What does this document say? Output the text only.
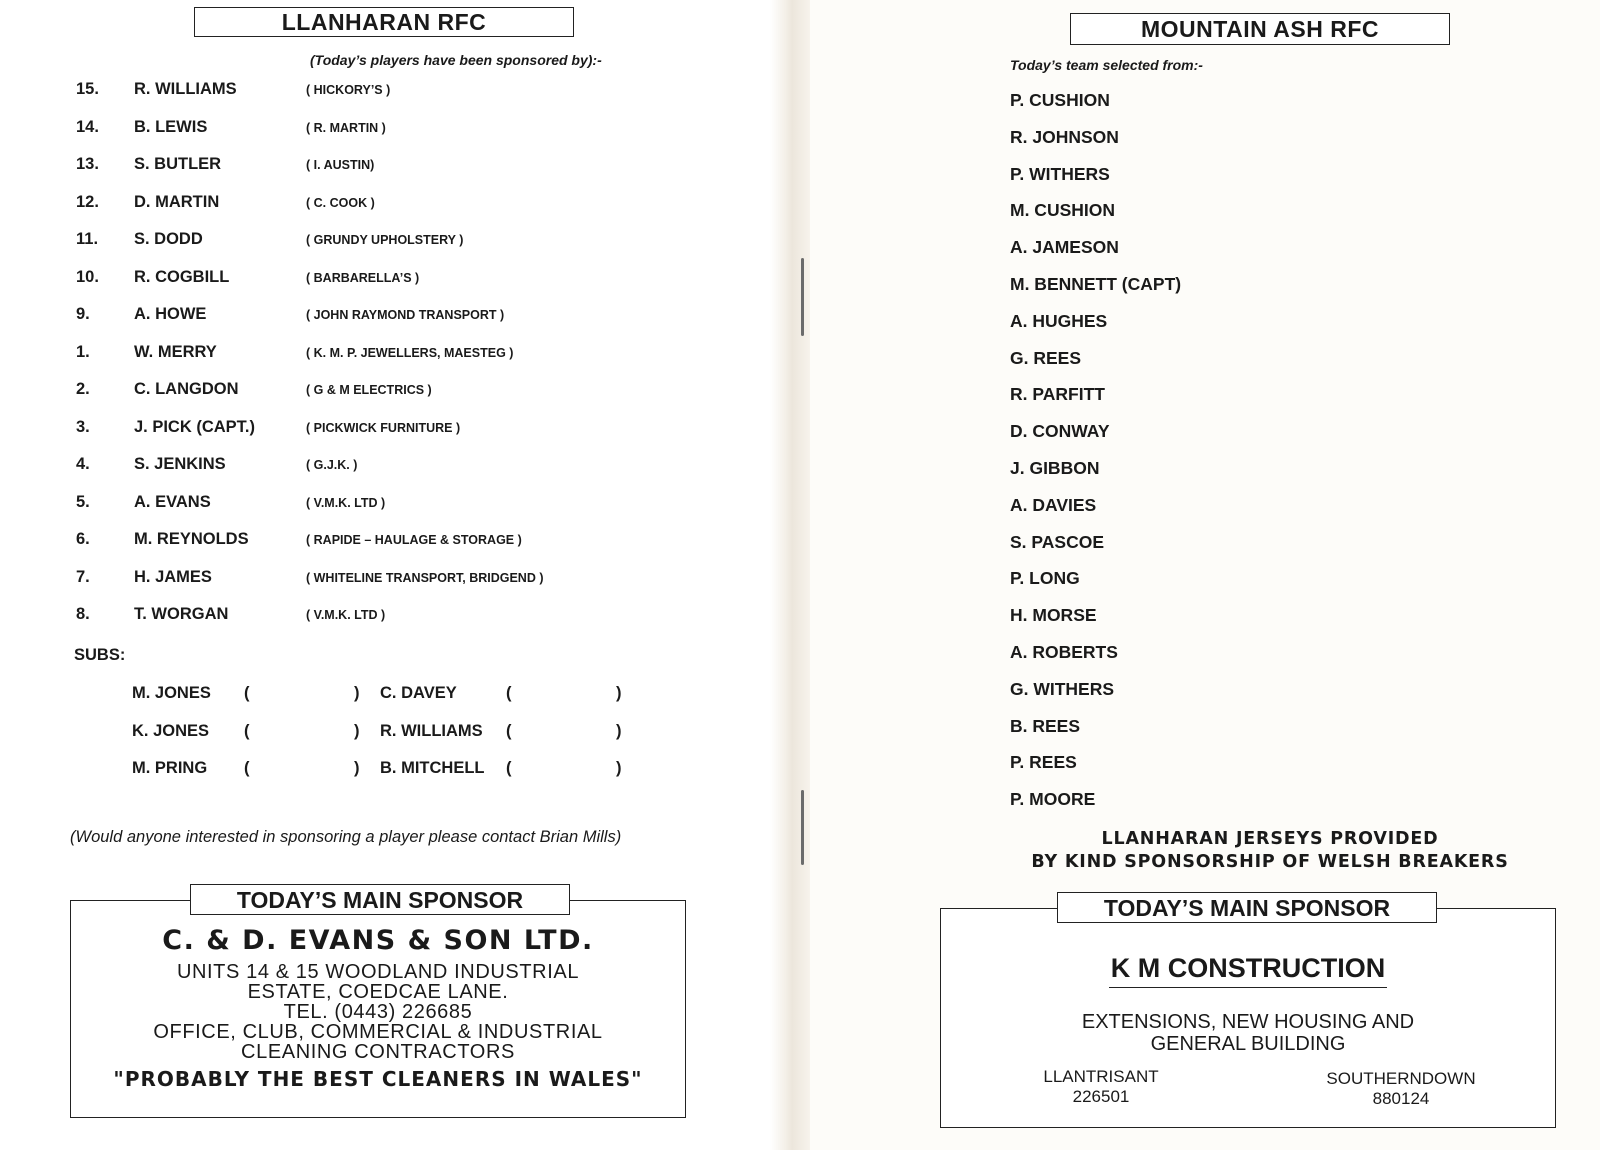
LLANHARAN RFC
(Today’s players have been sponsored by):-
15.	R. WILLIAMS	( HICKORY’S )
14.	B. LEWIS	( R. MARTIN )
13.	S. BUTLER	( I. AUSTIN)
12.	D. MARTIN	( C. COOK )
11.	S. DODD	( GRUNDY UPHOLSTERY )
10.	R. COGBILL	( BARBARELLA’S )
9.	A. HOWE	( JOHN RAYMOND TRANSPORT )
1.	W. MERRY	( K. M. P. JEWELLERS, MAESTEG )
2.	C. LANGDON	( G & M ELECTRICS )
3.	J. PICK (CAPT.)	( PICKWICK FURNITURE )
4.	S. JENKINS	( G.J.K. )
5.	A. EVANS	( V.M.K. LTD )
6.	M. REYNOLDS	( RAPIDE – HAULAGE & STORAGE )
7.	H. JAMES	( WHITELINE TRANSPORT, BRIDGEND )
8.	T. WORGAN	( V.M.K. LTD )
SUBS:
M. JONES (	) C. DAVEY	(	)
K. JONES (	) R. WILLIAMS (	)
M. PRING (	) B. MITCHELL (	)
(Would anyone interested in sponsoring a player please contact Brian Mills)
C. & D. EVANS & SON LTD.
UNITS 14 & 15 WOODLAND INDUSTRIAL
ESTATE, COEDCAE LANE.
TEL. (0443) 226685
OFFICE, CLUB, COMMERCIAL & INDUSTRIAL
CLEANING CONTRACTORS
"PROBABLY THE BEST CLEANERS IN WALES"
TODAY’S MAIN SPONSOR
MOUNTAIN ASH RFC
Today’s team selected from:-
P. CUSHION
R. JOHNSON
P. WITHERS
M. CUSHION
A. JAMESON
M. BENNETT (CAPT)
A. HUGHES
G. REES
R. PARFITT
D. CONWAY
J. GIBBON
A. DAVIES
S. PASCOE
P. LONG
H. MORSE
A. ROBERTS
G. WITHERS
B. REES
P. REES
P. MOORE
LLANHARAN JERSEYS PROVIDED
BY KIND SPONSORSHIP OF WELSH BREAKERS
K M CONSTRUCTION
EXTENSIONS, NEW HOUSING AND
GENERAL BUILDING
LLANTRISANT
226501
SOUTHERNDOWN
880124
TODAY’S MAIN SPONSOR
